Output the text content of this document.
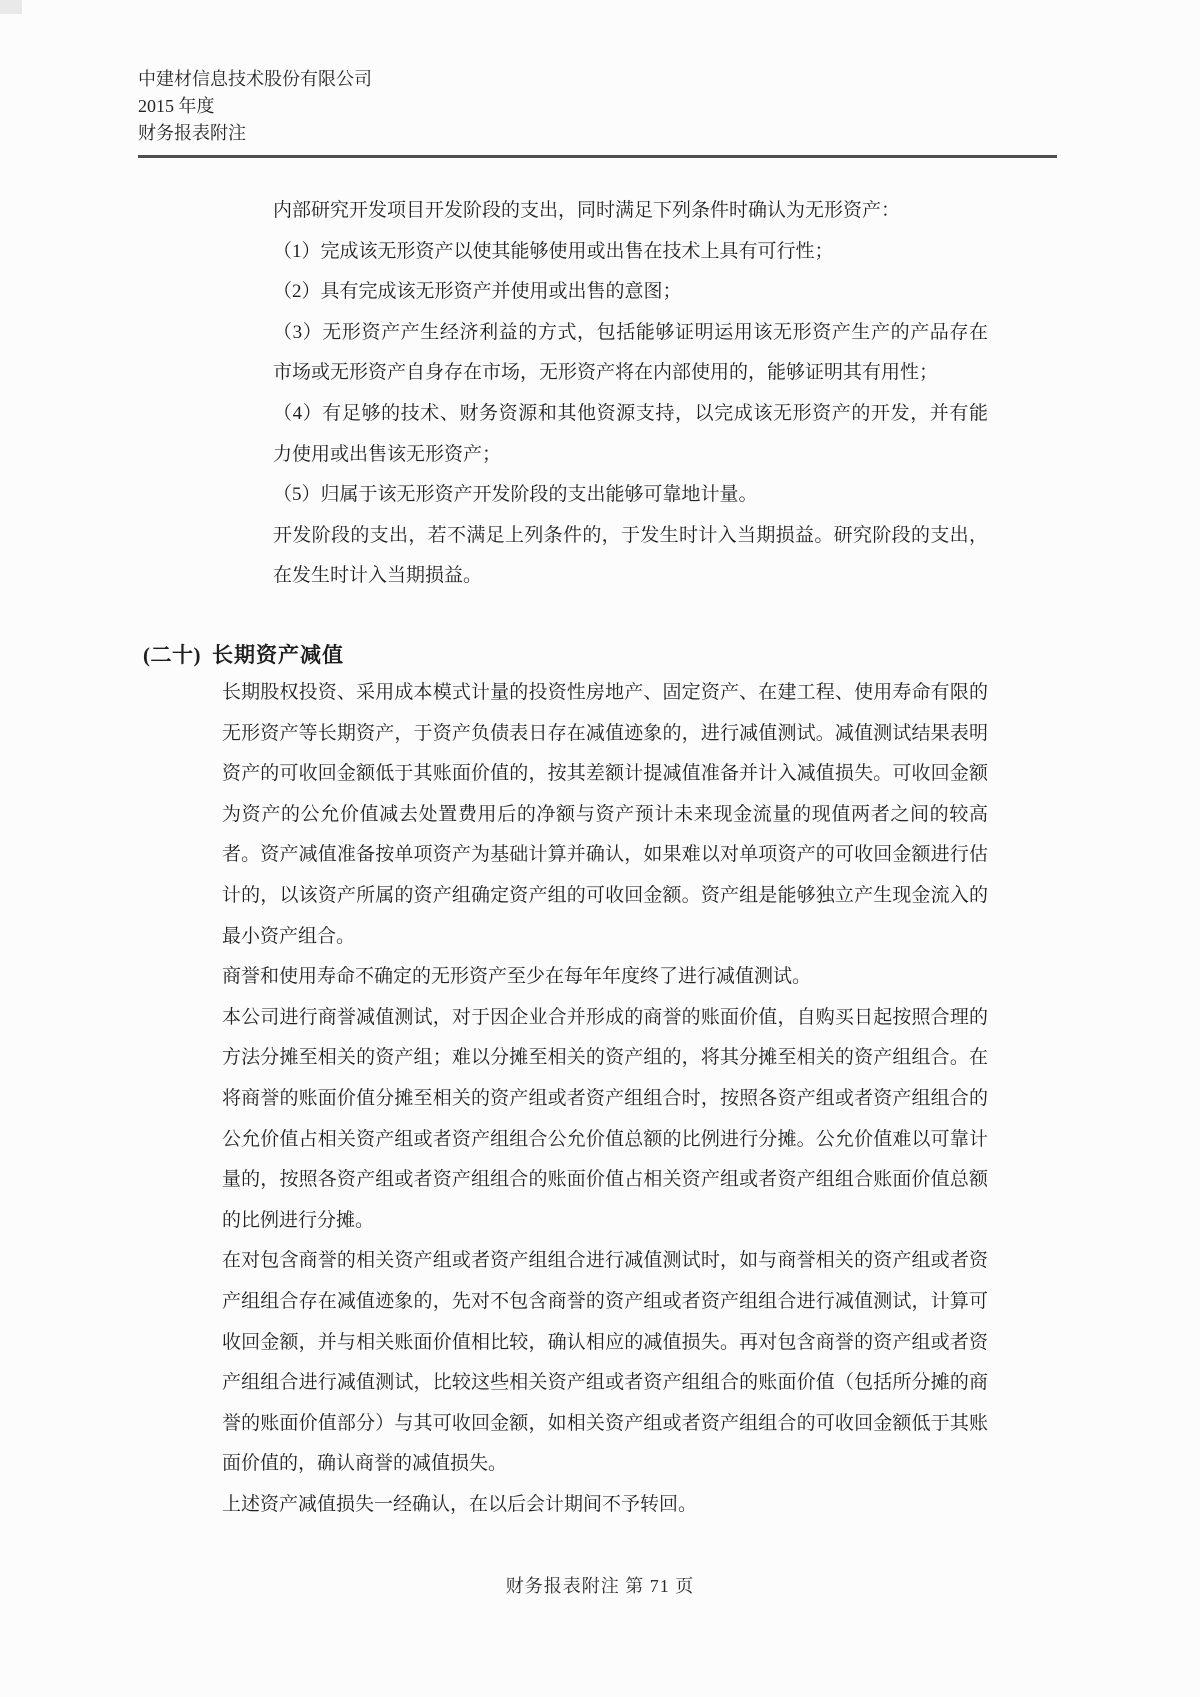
中建材信息技术股份有限公司
2015 年度
财务报表附注
内部研究开发项目开发阶段的支出，同时满足下列条件时确认为无形资产：
（1）完成该无形资产以使其能够使用或出售在技术上具有可行性；
（2）具有完成该无形资产并使用或出售的意图；
（3）无形资产产生经济利益的方式，包括能够证明运用该无形资产生产的产品存在
市场或无形资产自身存在市场，无形资产将在内部使用的，能够证明其有用性；
（4）有足够的技术、财务资源和其他资源支持，以完成该无形资产的开发，并有能
力使用或出售该无形资产；
（5）归属于该无形资产开发阶段的支出能够可靠地计量。
开发阶段的支出，若不满足上列条件的，于发生时计入当期损益。研究阶段的支出，
在发生时计入当期损益。
(二十) 长期资产减值
长期股权投资、采用成本模式计量的投资性房地产、固定资产、在建工程、使用寿命有限的
无形资产等长期资产，于资产负债表日存在减值迹象的，进行减值测试。减值测试结果表明
资产的可收回金额低于其账面价值的，按其差额计提减值准备并计入减值损失。可收回金额
为资产的公允价值减去处置费用后的净额与资产预计未来现金流量的现值两者之间的较高
者。资产减值准备按单项资产为基础计算并确认，如果难以对单项资产的可收回金额进行估
计的，以该资产所属的资产组确定资产组的可收回金额。资产组是能够独立产生现金流入的
最小资产组合。
商誉和使用寿命不确定的无形资产至少在每年年度终了进行减值测试。
本公司进行商誉减值测试，对于因企业合并形成的商誉的账面价值，自购买日起按照合理的
方法分摊至相关的资产组；难以分摊至相关的资产组的，将其分摊至相关的资产组组合。在
将商誉的账面价值分摊至相关的资产组或者资产组组合时，按照各资产组或者资产组组合的
公允价值占相关资产组或者资产组组合公允价值总额的比例进行分摊。公允价值难以可靠计
量的，按照各资产组或者资产组组合的账面价值占相关资产组或者资产组组合账面价值总额
的比例进行分摊。
在对包含商誉的相关资产组或者资产组组合进行减值测试时，如与商誉相关的资产组或者资
产组组合存在减值迹象的，先对不包含商誉的资产组或者资产组组合进行减值测试，计算可
收回金额，并与相关账面价值相比较，确认相应的减值损失。再对包含商誉的资产组或者资
产组组合进行减值测试，比较这些相关资产组或者资产组组合的账面价值（包括所分摊的商
誉的账面价值部分）与其可收回金额，如相关资产组或者资产组组合的可收回金额低于其账
面价值的，确认商誉的减值损失。
上述资产减值损失一经确认，在以后会计期间不予转回。
财务报表附注 第 71 页
